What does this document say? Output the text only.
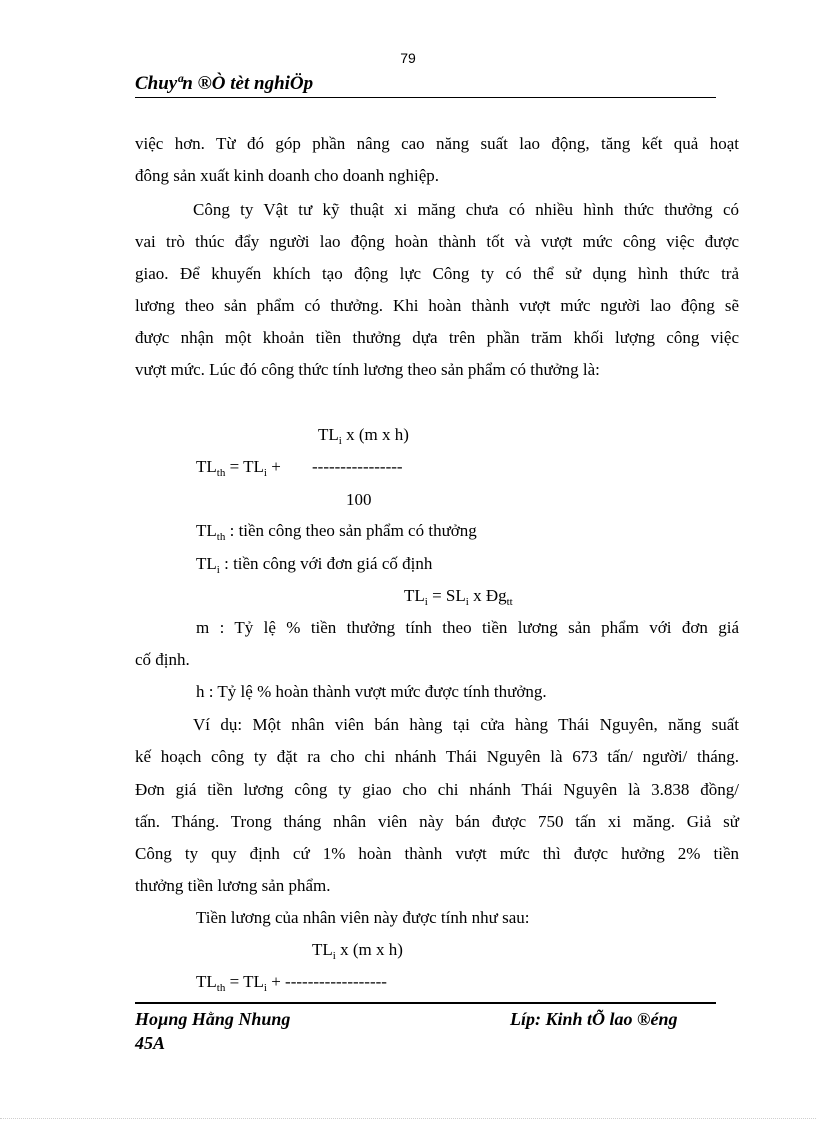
79
Chuyªn ®Ò tèt nghiÖp
việc hơn. Từ đó góp phần nâng cao năng suất lao động, tăng kết quả hoạt
đông sản xuất kinh doanh cho doanh nghiệp.
Công ty Vật tư kỹ thuật xi măng chưa có nhiều hình thức thưởng có
vai trò thúc đẩy người lao động hoàn thành tốt và vượt mức công việc được
giao. Để khuyến khích tạo động lực Công ty có thể sử dụng hình thức trả
lương theo sản phẩm có thưởng. Khi hoàn thành vượt mức người lao động sẽ
được nhận một khoản tiền thưởng dựa trên phần trăm khối lượng công việc
vượt mức. Lúc đó công thức tính lương theo sản phẩm có thưởng là:
$TL_i$ x (m x h)
$TL_{th} = TL_i$ + ----------------
100
$TL_{th}$ : tiền công theo sản phẩm có thưởng
$TL_i$ : tiền công với đơn giá cố định
$TL_i = SL_i$ x $Đg_{tt}$
m : Tỷ lệ % tiền thưởng tính theo tiền lương sản phẩm với đơn giá
cố định.
h : Tỷ lệ % hoàn thành vượt mức được tính thưởng.
Ví dụ: Một nhân viên bán hàng tại cửa hàng Thái Nguyên, năng suất
kế hoạch công ty đặt ra cho chi nhánh Thái Nguyên là 673 tấn/ người/ tháng.
Đơn giá tiền lương công ty giao cho chi nhánh Thái Nguyên là 3.838 đồng/
tấn. Tháng. Trong tháng nhân viên này bán được 750 tấn xi măng. Giả sử
Công ty quy định cứ 1% hoàn thành vượt mức thì được hưởng 2% tiền
thưởng tiền lương sản phẩm.
Tiền lương của nhân viên này được tính như sau:
$TL_i$ x (m x h)
$TL_{th} = TL_i$ + ------------------
Hoµng Hằng Nhung	Líp: Kinh tÕ lao ®éng
45A
